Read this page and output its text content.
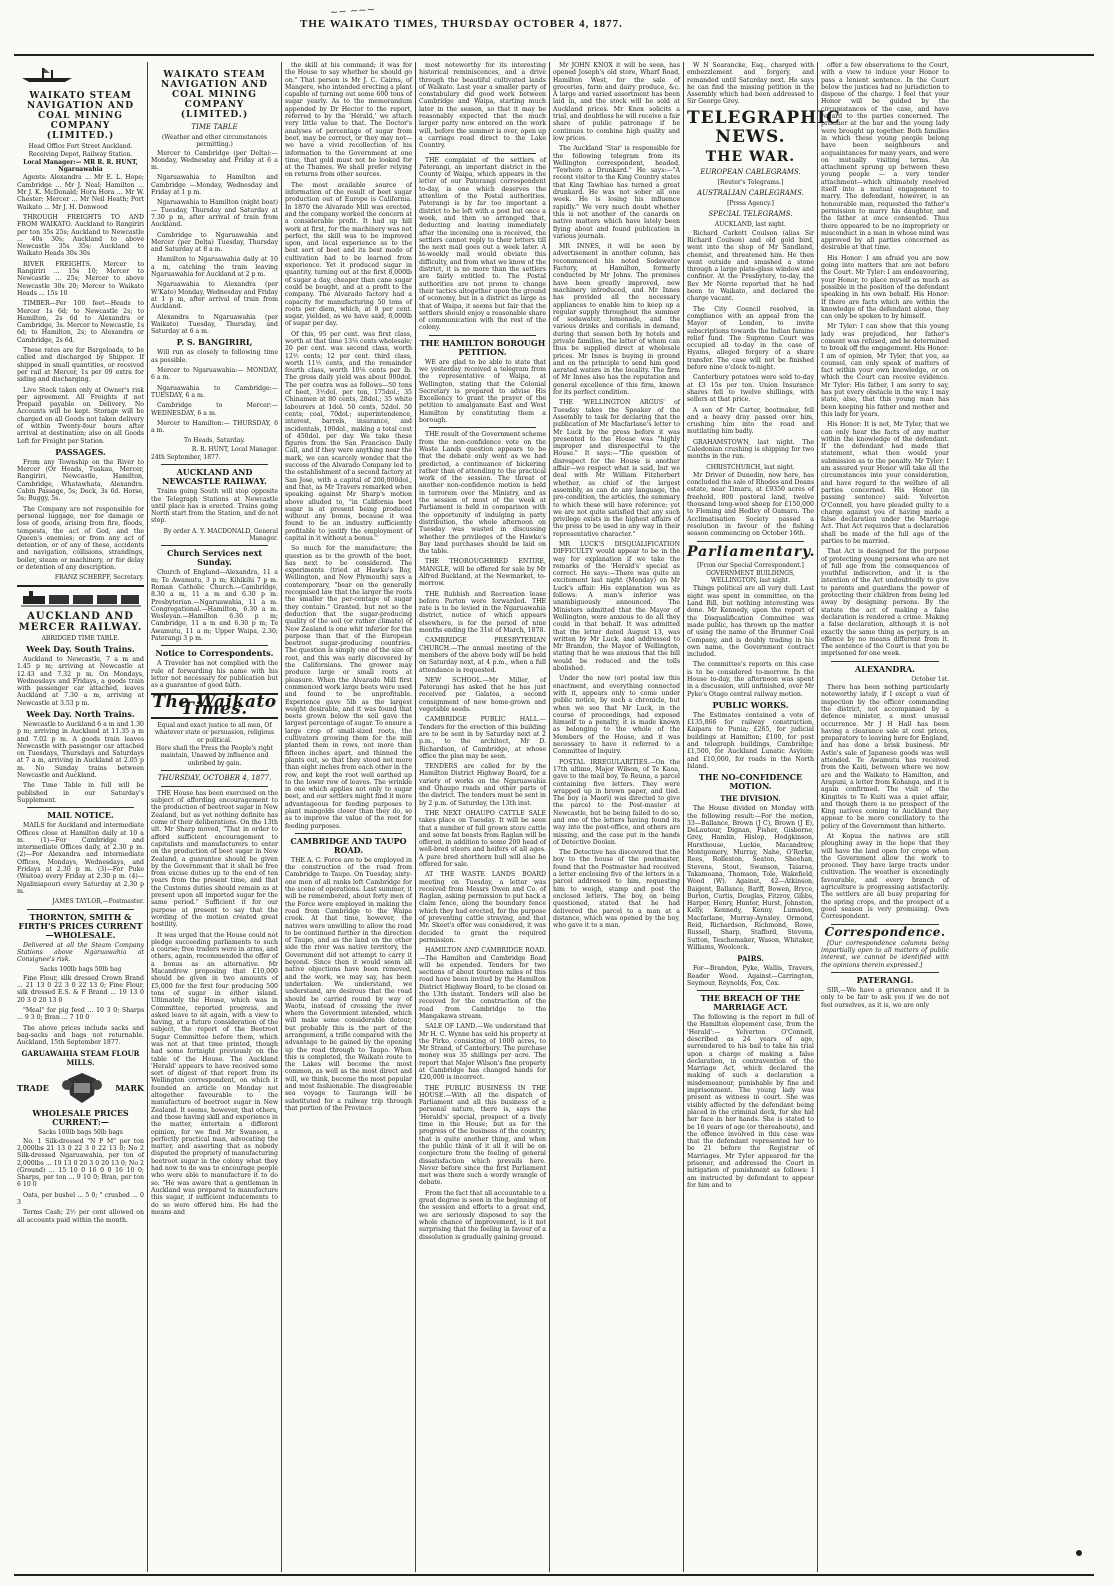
~~ ~~~
THE WAIKATO TIMES, THURSDAY OCTOBER 4, 1877.
WAIKATO STEAM NAVIGATION AND COAL MINING COMPANY (LIMITED.)
Head Office Fort Street Auckland. Receiving Depot, Railway Station.
Local Manager:— MR R. R. HUNT, Ngaruawahia

Agents: Alexandra ... Mr E. L. Hope; Cambridge ... Mr J. Neal; Hamilton ... Mr J. K. McDonald; Hora Hora ... Mr W. Chester; Mercer ... Mr Neil Heath; Port Waikato ... Mr J. H. Donwood

THROUGH FREIGHTS TO AND FROM WAIKATO. Auckland to Rangiriri per ton 35s 25s; Auckland to Newcastle ... 40s 30s; Auckland to above Newcastle 35s 35s; Auckland to Waikato Heads 30s 30s

RIVER FREIGHTS. Mercer to Rangiriri ... 15s 10; Mercer to Newcastle ... 25s; Mercer to above Newcastle 30s 20; Mercer to Waikato Heads ... 15s 10

TIMBER—Per 100 feet—Heads to Mercer 1s 6d; to Newcastle 2s; to Hamilton, 2s 6d to Alexandra or Cambridge, 3s. Mercer to Newcastle, 1s 6d; to Hamilton, 2s; to Alexandra or Cambridge, 2s 6d.

These rates are for Bargeloads, to be called and discharged by Shipper. If shipped in small quantities, or received per rail at Mercer, 1s per 09 extra for siding and discharging.

Live Stock taken only at Owner's risk per agreement. All Freights if not Prepaid payable on Delivery. No Accounts will be kept. Storage will be charged on all Goods not taken delivery of within Twenty-four hours after arrival at destination; also on all Goods Left for Freight per Station.

PASSAGES.

From any Township on the River to Mercer (Or Heads, Tuakau, Mercer, Rangiriri, Newcastle, Hamilton, Cambridge, Whatawhata, Alexandra. Cabin Passage, 5s; Deck, 3s 6d. Horse, 5s; Buggy, 5s.

The Company are not responsible for personal luggage, nor for damage or loss of goods, arising from fire, floods, tempests, the act of God, and the Queen's enemies; or from any act of detention, or of any of these, accidents and navigation, collisions, strandings, boiler, steam or machinery, or for delay or detention of any description.

FRANZ SCHERFF, Secretary.
AUCKLAND AND MERCER RAILWAY.
ABRIDGED TIME TABLE.
Week Day. South Trains.

Auckland to Newcastle, 7 a m and 1.45 p m; arriving at Newcastle at 12.43 and 7.32 p m. On Mondays, Wednesdays and Fridays, a goods train with passenger car attached, leaves Auckland at 7.30 a m, arriving at Newcastle at 3.53 p m.

Week Day. North Trains.

Newcastle to Auckland 6 a m and 1.30 p m; arriving in Auckland at 11.35 a m and 7.02 p m. A goods train leaves Newcastle with passenger car attached on Tuesdays, Thursdays and Saturdays at 7 a m, arriving in Auckland at 2.05 p m. No Sunday trains between Newcastle and Auckland.

The Time Table in full will be published in our Saturday's Supplement.

MAIL NOTICE.

MAILS for Auckland and intermediate Offices close at Hamilton daily at 10 a m. (1)—For Cambridge and intermediate Offices daily, at 2.30 p m. (2)—For Alexandra and intermediate Offices, Mondays, Wednesdays, and Fridays at 2.30 p m. (3)—For Puke (Waitoa) every Friday at 2.30 p m. (4)—Ngaliniapouri every Saturday at 2.30 p m.

JAMES TAYLOR,—Postmaster.
THORNTON, SMITH & FIRTH'S PRICES CURRENT—WHOLESALE.

Delivered at all the Steam Company Stations above Ngaruawahia at Consignee's risk.

Sacks 100lb bags 50lb bag

Fine Flour, silk dressed Crown Brand ... 21 13 0 22 3 0 22 13 0; Fine Flour, silk dressed E.S. & F Brand ... 19 13 0 20 3 0 20 13 0

"Meal" for pig feed ... 10 3 0; Sharps ... 9 3 0; Bran ... 7 10 0

The above prices include sacks and bag-sacks and bags not returnable. Auckland, 15th September 1877.

GARUAWAHIA STEAM FLOUR MILLS.
TRADE	MARK
WHOLESALE PRICES CURRENT:—
Sacks 100lb bags 50lb bags

No. 1 Silk-dressed "N P M" per ton 2,000lbs 21 13 0 22 3 0 22 13 0; No 2 Silk-dressed Ngaruawahia, per ton of 2,000lbs ... 19 13 0 20 3 0 20 13 0; No 2 (Ground) ... 15 10 0 16 0 0 16 10 0; Sharps, per ton ... 9 10 0; Bran, per ton 6 10 0

Oats, per bushel ... 5 0; " crushed ... 0 3

Terms Cash; 2½ per cent allowed on all accounts paid within the month.

WAIKATO STEAM NAVIGATION AND COAL MINING COMPANY (LIMITED.)
TIME TABLE
(Weather and other circumstances permitting.)

Mercer to Cambridge (per Delta):—Monday, Wednesday and Friday at 6 a m.

Ngaruawahia to Hamilton and Cambridge —Monday, Wednesday and Friday at 1 p m.

Ngaruawahia to Hamilton (night boat)— Tuesday, Thursday and Saturday at 7.30 p m, after arrival of train from Auckland.

Cambridge to Ngaruawahia and Mercer (per Delta) Tuesday, Thursday and Saturday at 8 a m.

Hamilton to Ngaruawahia daily at 10 a m, catching the train leaving Ngaruawahia for Auckland at 2 p m.

Ngaruawahia to Alexandra (per W'Kato) Monday, Wednesday and Friday at 1 p m, after arrival of train from Auckland.

Alexandra to Ngaruawahia (per Waikato) Tuesday, Thursday, and Saturday at 6 a m.

P. S. BANGIRIRI,

Will run as closely to following time as possible.

Mercer to Ngaruawahia:— MONDAY, 6 a m.

Ngaruawahia to Cambridge:— TUESDAY, 6 a m.

Cambridge to Mercer:— WEDNESDAY, 6 a m.

Mercer to Hamilton:— THURSDAY, 6 a m.

To Heads, Saturday.
R. R. HUNT, Local Manager.
24th September, 1877.
AUCKLAND AND NEWCASTLE RAILWAY.

Trains going South will stop opposite the Telegraph Stations at Newcastle until place has is erected. Trains going North start from the Station, and do not stop.

By order A. Y. MACDONALD, General Manager.
Church Services next Sunday.

Church of England—Alexandra, 11 a m; Te Awamutu, 3 p m; Kihikihi 7 p m. Roman Catholic Church.—Cambridge, 8.30 a m, 11 a m and 6.30 p m. Presbyterian.—Ngaruawahia, 11 a m. Congregational.—Hamilton, 6.30 a m. Wesleyan.—Hamilton 6.30 p m; Cambridge, 11 a m and 6.30 p m; Te Awamutu, 11 a m; Upper Waipa, 2.30; Paterangi 3 p m.

Notice to Correspondents.

A Traveler has not complied with the rule of forwarding his name with his letter not necessary for publication but as a guarantee of good faith.

The Waikato Times.
Equal and exact justice to all men, Of whatever state or persuasion, religious or political.
Here shall the Press the People's right maintain, Unawed by influence and unbribed by gain.
THURSDAY, OCTOBER 4, 1877.

THE House has been exercised on the subject of affording encouragement to the production of beetroot sugar in New Zealand, but as yet nothing definite has come of their deliberations. On the 13th ult. Mr Sharp moved, "That in order to afford sufficient encouragement to capitalists and manufacturers to enter on the production of beet sugar in New Zealand, a guarantee should be given by the Government that it shall be free from excise duties up to the end of ten years from the present time, and that the Customs duties should remain as at present upon all imported sugar for the same period." Sufficient it for our purpose at present to say that the wording of the motion created great hostility.

It was urged that the House could not pledge succeeding parliaments to such a course; free traders were in arms, and others, again, recommended the offer of a bonus as an alternative. Mr Macandrew proposing that £10,000 should be given in two amounts of £5,000 for the first four producing 500 tons of sugar in either island. Ultimately the House, which was in Committee, reported progress, and asked leave to sit again, with a view to having, at a future consideration of the subject, the report of the Beetroot Sugar Committee before them, which was not at that time printed, though had some fortnight previously on the table of the House. The Auckland 'Herald' appears to have received some sort of digest of that report from its Wellington correspondent, on which it founded an article on Monday not altogether favourable to the manufacture of beetroot sugar in New Zealand. It seems, however, that others, and those having skill and experience in the matter, entertain a different opinion, for we find Mr Swanson, a perfectly practical man, advocating the matter, and asserting that as nobody disputed the propriety of manufacturing beetroot sugar in the colony what they had now to do was to encourage people who were able to manufacture it to do so. "He was aware that a gentleman in Auckland was prepared to manufacture this sugar, if sufficient inducements to do so were offered him. He had the means and

the skill at his command; it was for the House to say whether he should go on." That person is Mr J. C. Cairns, of Mangere, who intended erecting a plant capable of turning out some 600 tons of sugar yearly. As to the memorandum appended by Dr Hector to the report, referred to by the 'Herald,' we attach very little value to that. The Doctor's analyses of percentage of sugar from beet, may be correct, or they may not—we have a vivid recollection of his information to the Government at one time, that gold must not be looked for at the Thames. We shall prefer relying on returns from other sources.

The most available source of information of the result of beet sugar production out of Europe is California. In 1870 the Alvarado Mill was erected, and the company worked the concern at a considerable profit. It had up hill work at first, for the machinery was not perfect, the skill was to be improved upon, and local experience as to the best sort of beet and its best mode of cultivation had to be learned from experience. Yet it produced sugar in quantity, turning out at the first 8,000lb of sugar a day, cheaper than cane sugar could be bought, and at a profit to the company. The Alvarado factory had a capacity for manufacturing 50 tons of roots per diem, which, at 8 per cent. sugar, yielded, as we have said, 8,000lb of sugar per day.

Of this, 95 per cent. was first class, worth at that time 13⅛ cents wholesale; 20 per cent. was second class, worth 12½ cents; 12 per cent. third class, worth 11½ cents, and the remainder fourth class, worth 10⅛ cents per lb. The gross daily yield was about 900dol. The per contra was as follows—50 tons of beet, 3½dol. per ton, 175dol.; 35 Chinamen at 80 cents, 28dol.; 35 white labourers at 1dol. 50 cents, 52dol. 50 cents; coal, 70dol.; superintendence, interest, barrels, insurance, and incidentals, 100dol., making a total cost of 450dol. per day. We take these figures from the San Francisco Daily Call, and if they were anything near the mark, we can scarcely wonder that the success of the Alvarado Company led to the establishment of a second factory at San Jose, with a capital of 200,000dol., and that, as Mr Travers remarked when speaking against Mr Sharp's motion above alluded to, "in California beet sugar is at present being produced without any bonus, because it was found to be an industry sufficiently profitable to justify the employment of capital in it without a bonus."

So much for the manufacture; the question as to the growth of the beet, has next to be considered. The experiments (tried at Hawke's Bay, Wellington, and New Plymouth) says a contemporary, "bear on the generally recognised law that the larger the roots the smaller the per-centage of sugar they contain." Granted, but not so the deduction that the sugar-producing quality of the soil (or rather climate) of New Zealand is one whit inferior for the purpose than that of the European beetroot sugar-producing countries. The question is simply one of the size of root, and this was early discovered by the Californians. The grower may produce large or small roots at pleasure. When the Alvarado Mill first commenced work large beets were used and found to be unprofitable. Experience gave 5lb as the largest weight desirable, and it was found that beets grown below the soil gave the largest percentage of sugar. To ensure a large crop of small-sized roots, the cultivators growing them for the mill planted them in rows, not more than fifteen inches apart, and thinned the plants out, so that they stood not more than eight inches from each other in the row, and kept the root well earthed up to the lower row of leaves. The wrinkle in one which applies not only to sugar beet, and our settlers might find it more advantageous for feeding purposes to plant mangolds closer than they do, so as to improve the value of the root for feeding purposes.

CAMBRIDGE AND TAUPO ROAD.

THE A. C. Force are to be employed in the construction of the road from Cambridge to Taupo. On Tuesday, sixty-one men of all ranks left Cambridge for the scene of operations. Last summer, it will be remembered, about forty men of the Force were employed in making the road from Cambridge to the Waipa creek. At that time, however, the natives were unwilling to allow the road to be continued further in the direction of Taupo, and as the land on the other side the river was native territory, the Government did not attempt to carry it beyond. Since then it would seem all native objections have been removed, and the work, we may say, has been undertaken. We understand, we understand, are desirous that the road should be carried round by way of Waotu, instead of crossing the river where the Government intended, which will make some considerable detour, but probably this is the part of the arrangement, a trifle compared with the advantage to be gained by the opening up the road through to Taupo. When this is completed, the Waikato route to the Lakes will become the most common, as well as the most direct and will, we think, become the most popular and most fashionable. The disagreeable sea voyage to Tauranga will be substituted for a railway trip through that portion of the Province

most noteworthy for its interesting historical reminiscences, and a drive through the beautiful cultivated lands of Waikato. Last year a smaller party of constabulary did good work between Cambridge and Waipa, starting much later in the season, so that it may be reasonably expected that the much larger party now entered on the work will, before the summer is over, open up a carriage road direct to the Lake Country.

THE complaint of the settlers of Paterangi, an important district in the County of Waipa, which appears in the letter of our Paterangi correspondent to-day, is one which deserves the attention of the Postal authorities. Paterangi is by far too important a district to be left with a post but once a week, and then so arranged that, deducting and leaving immediately after the incoming one is received, the settlers cannot reply to their letters till the next mail goes out a week later. A bi-weekly mail would obviate this difficulty, and from what we know of the district, it is no more than the settlers are fairly entitled to. The Postal authorities are not prone to change their tactics altogether upon the ground of economy, but in a district as large as that of Waipa, it seems but fair that the settlers should enjoy a reasonable share of communication with the rest of the colony.

THE HAMILTON BOROUGH PETITION.

WE are glad to be able to state that we yesterday received a telegram from the representative of Waipa, at Wellington, stating that the Colonial Secretary is prepared to advise His Excellency to grant the prayer of the petition to amalgamate East and West Hamilton by constituting them a borough.

THE result of the Government scheme from the non-confidence vote on the Waste Lands question appears to be that the debate only went as we had predicted, a continuance of bickering rather than of attending to the practical work of the session. The threat of another non-confidence motion is held in terrorem over the Ministry, and as the session of most of the week at Parliament is held in comparison with the opportunity of indulging in party distribution, the whole afternoon on Tuesday was wasted in discussing whether the privileges of the Hawke's Bay land purchases should be laid on the table.

THE THOROUGHBRED ENTIRE, MANGLE, will be offered for sale by Mr Alfred Buckland, at the Newmarket, to-morrow.

THE Rubbish and Recreation lease before Parton were forwarded. THE rate is to be levied in the Ngaruawahia district, notice of which appears elsewhere, is for the period of nine months ending the 31st of March, 1878.

CAMBRIDGE PRESBYTERIAN CHURCH.—The annual meeting of the members of the above body will be held on Saturday next, at 4 p.m., when a full attendance is requested.

NEW SCHOOL.—Mr Miller, of Paterangi has asked that he has just received per Galatea, a second consignment of new home-grown and vegetable seeds.

CAMBRIDGE PUBLIC HALL.—Tenders for the erection of this building are to be sent in by Saturday next at 2 p.m., to the architect, Mr D. Richardson, of Cambridge, at whose office the plan may be seen.

TENDERS are called for by the Hamilton District Highway Board, for a variety of works on the Ngaruawahia and Ohaupo roads and other parts of the district. The tenders must be sent in by 2 p.m. of Saturday, the 13th inst.

THE NEXT OHAUPO CATTLE SALE takes place on Tuesday. It will be seen that a number of full grown store cattle and some fat beasts from Raglan will be offered, in addition to some 200 head of well-bred steers and heifers of all ages. A pure bred shorthorn bull will also be offered for sale.

AT THE WASTE LANDS BOARD meeting on Tuesday, a letter was received from Messrs Owen and Co. of Raglan, asking permission to put back a claim fence, along the boundary fence which they had erected, for the purpose of preventing cattle straying, and that Mr. Skeet's offer was considered, it was decided to grant the required permission.

HAMILTON AND CAMBRIDGE ROAD.—The Hamilton and Cambridge Road will be expended. Tenders for two sections of about fourteen miles of this road have been invited by the Hamilton District Highway Board, to be closed on the 13th instant. Tenders will also be received for the construction of the road from Cambridge to the Mangakawa stream.

SALE OF LAND.—We understand that Mr H. C. Wynne has sold his property at the Pirko, consisting of 1000 acres, to Mr Strand, of Canterbury. The purchase money was 35 shillings per acre. The report that Major Wilson's fine property at Cambridge has changed hands for £20,000 is incorrect.

THE PUBLIC BUSINESS IN THE HOUSE.—With all the dispatch of Parliament and all this business of a personal nature, there is, says the 'Herald's' special, prospect of a lively time in the House; but as for the progress of the business of the country, that is quite another thing, and when the public think of it all it will be on conjecture from the feeling of general dissatisfaction which prevails here. Never before since the first Parliament met was there such a wordy wrangle of debate.

From the fact that all accountable to a great degree is seen in the beginning of the session and efforts to a great end, we are seriously disposed to say the whole chance of improvement, is it not surprising that the feeling in favour of a dissolution is gradually gaining ground.

Mr JOHN KNOX it will be seen, has opened Joseph's old store, Wharf Road, Hamilton West, for the sale of groceries, farm and dairy produce, &c. A large and varied assortment has been laid in, and the stock will be sold at Auckland prices. Mr Knox solicits a trial, and doubtless he will receive a fair share of public patronage if he continues to combine high quality and low prices.

The Auckland 'Star' is responsible for the following telegram from its Wellington correspondent, headed, "Tewhero a Drunkard." He says:—"A recent visitor to the King Country states that King Tawhiao has turned a great drunkard. He was not sober all one week. He is losing his influence rapidly." We very much doubt whether this is not another of the canards on native matters which have lately been flying about and found publication in various journals.

MR INNES, it will be seen by advertisement in another column, has recommenced his noted Sodawater Factory, at Hamilton, formerly conducted by Mr Johns. The premises have been greatly improved, new machinery introduced, and Mr Innes has provided all the necessary appliances to enable him to keep up a regular supply throughout the summer of sodawater, lemonade, and the various drinks and cordials in demand, during that season both by hotels and private families, the latter of whom can thus be supplied direct at wholesale prices. Mr Innes is buying in ground and on the principle to send him good aerated waters in the locality. The firm of Mr Innes also has the reputation and general excellence of this firm, known for its perfect condition.

THE 'WELLINGTON ARGUS' of Tuesday takes the Speaker of the Assembly to task for declaring that the publication of Mr Macfarlane's letter to Mr Luck by the press before it was presented to the House was "highly improper and disrespectful to the House." It says:—"The question of disrespect for the House is another affair—we respect what is said, but we deal with Mr William Fitzherbert whether, as chief of the largest assembly, as can do any language, the pre-condition, the articles, the summary to which these will have reference; yet we are not quite satisfied that any such privilege exists in the highest affairs of the press to be used in any way in their representative character."

MR LUCK'S DISQUALIFICATION DIFFICULTY would appear to be in the way for explanation if we take the remarks of the 'Herald's' special as correct. He says:—There was quite an excitement last night (Monday) on Mr Luck's affair. His explanation was as follows: A man's inferior was unambiguously announced. The Ministers admitted that the Mayor of Wellington, were anxious to do all they could in that behalf. It was admitted that the letter dated August 13, was written by Mr Luck, and addressed to Mr Brandon, the Mayor of Wellington, stating that he was anxious that the bill would be reduced and the tolls abolished.

Under the new (or) postal law this enactment, and everything connected with it, appears only to come under public notice, by such a chronicle, but when we see that Mr Luck, in the course of proceedings, had exposed himself to a penalty, it is made known as belonging to the whole of the Members of the House, and it was necessary to have it referred to a Committee of Inquiry.

POSTAL IRREGULARITIES.—On the 17th ultimo, Major Wilson, of Te Kaoa, gave to the mail boy, Te Reuna, a parcel containing five letters. They were wrapped up in brown paper, and tied. The boy (a Maori) was directed to give the parcel to the Post-master at Newcastle, but he being failed to do so, and one of the letters having found its way into the post-office, and others are missing, and the case put in the hands of Detective Doolan.

The Detective has discovered that the boy to the house of the postmaster, found that the Postmaster had received a letter enclosing five of the letters in a parcel addressed to him, requesting him to weigh, stamp and post the enclosed letters. The boy, on being questioned, stated that he had delivered the parcel to a man at a distance, which was opened by the boy, who gave it to a man.

W N Searancke, Esq., charged with embezzlement and forgery, and remanded until Saturday next. He says he can find the missing petition in the Assembly which had been addressed to Sir George Grey.

TELEGRAPHIC NEWS.
THE WAR.
EUROPEAN CABLEGRAMS.
[Reuter's Telegrams.]
AUSTRALIAN CABLEGRAMS.
[Press Agency.]
SPECIAL TELEGRAMS.
AUCKLAND, last night.

Richard Carkett Coulson (alias Sir Richard Coulson) and old gold bird, went into the shop of Mr Sandland, chemist, and threatened him. He then went outside and smashed a stone through a large plate-glass window and confiner. At the Presbytery, to-day, the Rev Mr Norrie reported that he had been to Waikato, and declared the charge vacant.

The City Council resolved, in compliance with an appeal from the Mayor of London, to invite subscriptions towards the Indian famine relief fund. The Supreme Court was occupied all to-day in the case of Hyams, alleged forgery of a share transfer. The case will not be finished before nine o'clock to-night.

Canterbury potatoes were sold to-day at £3 15s per ton. Union Insurance shares fell to twelve shillings, with sellers at that price.

A son of Mr Carter, bootmaker, fell and a heavy dray passed over him, crushing him into the road and mutilating him badly.

GRAHAMSTOWN, last night. The Caledonian crushing is shipping for two months in the run.

CHRISTCHURCH, last night.

Mr Driver of Dunedin, now here, has concluded the sale of Rhodes and Deans estate, near Timaru, at £9350 acres of freehold, 800 pastoral land, twelve thousand long-wool sheep for £150,000 to Fleming and Hedley of Oamaru. The Acclimatisation Society passed a resolution in favour of the fishing season commencing on October 16th.

Parliamentary.
[From our Special Correspondent.]
GOVERNMENT BUILDINGS, WELLINGTON, last night.

Things political are all very dull. Last night was spent in committee, on the Land Bill, but nothing interesting was done. Mr Kennedy, upon the report of the Disqualification Committee was made public, has thrown up the matter of using the name of the Brunner Coal Company, and is doubly trading in his own name, the Government contract included.

The committee's reports on this case is to be considered to-morrow. In the House to-day, the afternoon was spent in a discussion, still unfinished, over Mr Pyke's Otago central railway motion.

PUBLIC WORKS.

The Estimates contained a vote of £135,866 for railway construction, Kaipara to Punia; £265, for judicial buildings at Hamilton; £100, for post and telegraph buildings, Cambridge; £1,500, for Auckland Lunatic Asylum; and £10,000, for roads in the North Island.

THE NO-CONFIDENCE MOTION.
THE DIVISION.

The House divided on Monday with the following result:—For the motion, 33—Ballance, Brown (J C), Brown (J E), DeLautour, Dignan, Fisher, Gisborne, Grey, Hamlin, Hislop, Hodgkinson, Hursthouse, Luckie, Macandrew, Montgomery, Murray, Nahe, O'Rorke, Rees, Rolleston, Seaton, Sheehan, Stevens, Stout, Swanson, Taiaroa, Takamoana, Thomson, Tole, Wakefield, Wood (W). Against, 42—Atkinson, Baigent, Ballance, Barff, Bowen, Bryce, Burton, Curtis, Douglas, Fitzroy, Gibbs, Harper, Henry, Hunter, Hurst, Johnston, Kelly, Kennedy, Kenny, Lumsden, Macfarlane, Murray-Aynsley, Ormond, Reid, Richardson, Richmond, Rowe, Russell, Sharp, Stafford, Stevens, Sutton, Teschemaker, Wason, Whitaker, Williams, Woolcock.

PAIRS.

For—Brandon, Pyke, Wallis, Travers, Reader Wood. Against—Carrington, Seymour, Reynolds, Fox, Cox.

THE BREACH OF THE MARRIAGE ACT.

The following is the report in full of the Hamilton elopement case, from the 'Herald':— Yelverton O'Connell, described as 24 years of age, surrendered to his bail to take his trial upon a charge of making a false declaration, in contravention of the Marriage Act, which declared the making of such a declaration a misdemeanour, punishable by fine and imprisonment. The young lady was present as witness in court. She was visibly affected by the defendant being placed in the criminal dock, for she hid her face in her hands. She is stated to be 16 years of age (or thereabouts), and the offence involved in this case was that the defendant represented her to be 21 before the Registrar of Marriages. Mr Tyler appeared for the prisoner, and addressed the Court in mitigation of punishment as follows: I am instructed by defendant to appear for him and to

offer a few observations to the Court, with a view to induce your Honor to pass a lenient sentence. In the Court below the justices had no jurisdiction to dispose of the charge. I feel that your Honor will be guided by the circumstances of the case, and have regard to the parties concerned. The prisoner at the bar and the young lady were brought up together. Both families in which these young people belong have been neighbours and acquaintances for many years, and were on mutually visiting terms. An attachment sprung up between these young people — a very tender attachment—which ultimately resolved itself into a mutual engagement to marry. The defendant, however, is an honourable man, requested the father's permission to marry his daughter, and the father at once consented. Thus there appeared to be no impropriety or misconduct in a man in whose mind was approved by all parties concerned as desirable at that time.

His Honor: I am afraid you are now going into matters that are not before the Court. Mr Tyler: I am endeavouring, your Honor, to place myself as much as possible in the position of the defendant speaking in his own behalf. His Honor: If there are facts which are within the knowledge of the defendant alone, they can only be spoken to by himself.

Mr Tyler: I can show that this young lady was prejudiced, her father's consent was refused, and he determined to break off the engagement. His Honor: I am of opinion, Mr Tyler, that you, as counsel, can only speak of matters of fact within your own knowledge, or on which the Court can receive evidence. Mr Tyler: His father, I am sorry to say, has put every obstacle in the way. I may state, also, that this young man has been keeping his father and mother and this lady for years.

His Honor: It is not, Mr Tyler, that we can only hear the facts of any matter within the knowledge of the defendant. If the defendant had made that statement, what then would your submission as to the penalty. Mr Tyler: I am assured your Honor will take all the circumstances into your consideration, and have regard to the welfare of all parties concerned. His Honor (in passing sentence) said: Yelverton O'Connell, you have pleaded guilty to a charge against you of having made a false declaration under the Marriage Act. That Act requires that a declaration shall be made of the full age of the parties to be married.

That Act is designed for the purpose of protecting young persons who are not of full age from the consequences of youthful indiscretion, and it is the intention of the Act undoubtedly to give to parents and guardians the power of protecting their children from being led away by designing persons. By the statute the act of making a false declaration is rendered a crime. Making a false declaration, although it is not exactly the same thing as perjury, is an offence by no means different from it. The sentence of the Court is that you be imprisoned for one week.

ALEXANDRA.
October 1st.

There has been nothing particularly noteworthy lately, if I except a visit of inspection by the officer commanding the district, not accompanied by a defence minister, a most unusual occurrence. Mr J H Hall has been having a clearance sale at cost prices, preparatory to leaving here for England, and has done a brisk business. Mr Astle's sale of Japanese goods was well attended. Te Awamutu has received from the Kaiti, between where we now are and the Waikato to Hamilton, and Arapuni, a letter from Kohanga, and it is again confirmed. The visit of the Kingites to Te Kuiti was a quiet affair, and though there is no prospect of the King natives coming to Auckland they appear to be more conciliatory to the policy of the Government than hitherto.

At Kopua the natives are still ploughing away in the hope that they will have the land open for crops when the Government allow the work to proceed. They have large tracts under cultivation. The weather is exceedingly favourable, and every branch of agriculture is progressing satisfactorily. The settlers are all busy preparing for the spring crops, and the prospect of a good season is very promising. Own Correspondent.

Correspondence.

[Our correspondence columns being impartially open to all matters of public interest, we cannot be identified with the opinions therein expressed.]

PATERANGI.

SIR,—We have a grievance and it is only to be fair to ask you if we do not feel ourselves, as it is, we are only
